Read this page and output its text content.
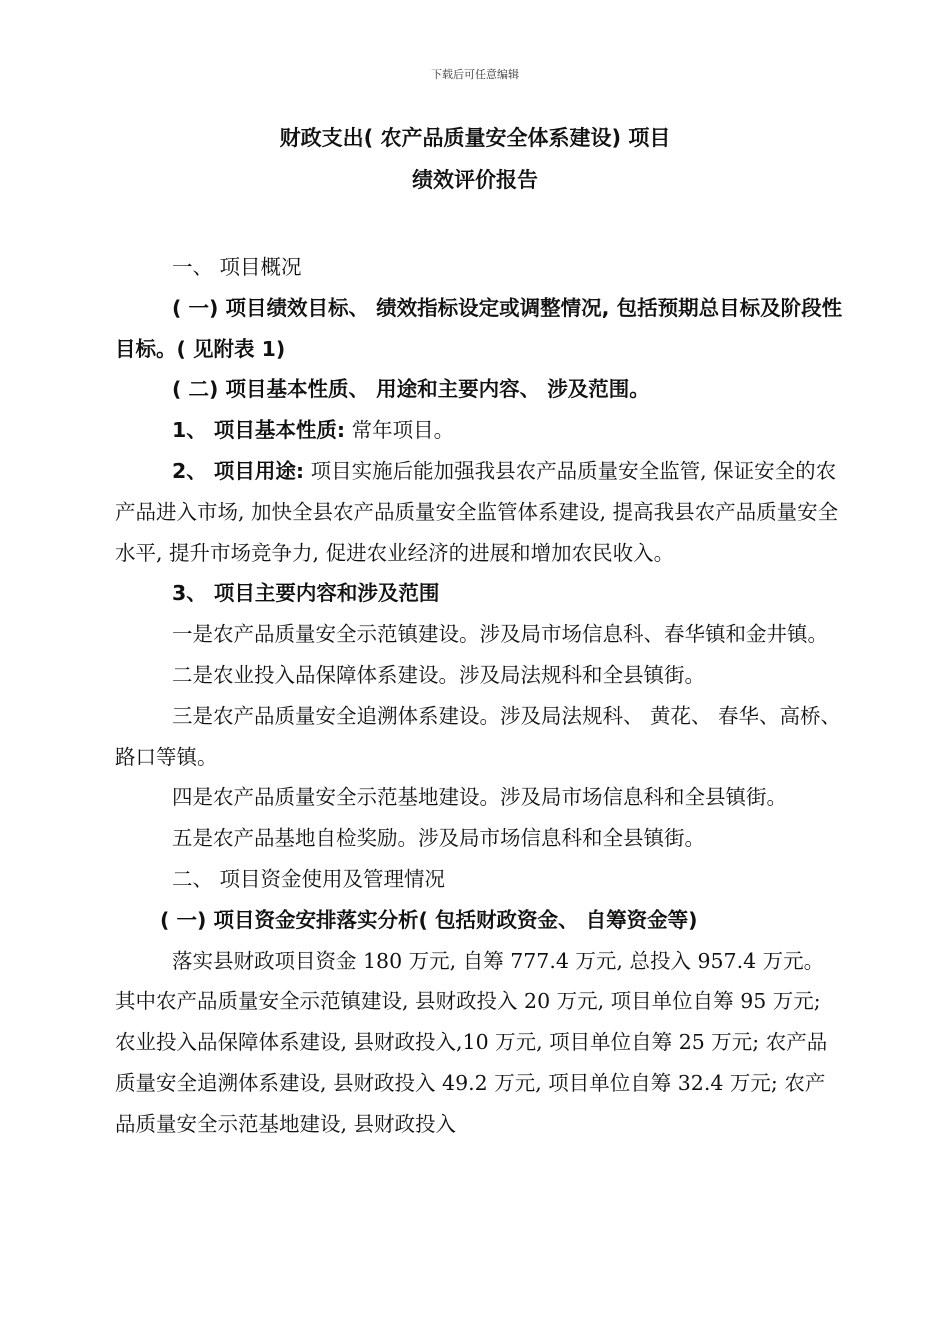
下载后可任意编辑
财政支出( 农产品质量安全体系建设) 项目
绩效评价报告

一、 项目概况

( 一) 项目绩效目标、 绩效指标设定或调整情况, 包括预期总目标及阶段性目标。( 见附表 1)

( 二) 项目基本性质、 用途和主要内容、 涉及范围。

1、 项目基本性质: 常年项目。

2、 项目用途: 项目实施后能加强我县农产品质量安全监管, 保证安全的农产品进入市场, 加快全县农产品质量安全监管体系建设, 提高我县农产品质量安全水平, 提升市场竞争力, 促进农业经济的进展和增加农民收入。

3、 项目主要内容和涉及范围

一是农产品质量安全示范镇建设。涉及局市场信息科、春华镇和金井镇。

二是农业投入品保障体系建设。涉及局法规科和全县镇街。

三是农产品质量安全追溯体系建设。涉及局法规科、 黄花、 春华、高桥、 路口等镇。

四是农产品质量安全示范基地建设。涉及局市场信息科和全县镇街。

五是农产品基地自检奖励。涉及局市场信息科和全县镇街。

二、 项目资金使用及管理情况

( 一) 项目资金安排落实分析( 包括财政资金、 自筹资金等)

落实县财政项目资金 180 万元, 自筹 777.4 万元, 总投入 957.4 万元。其中农产品质量安全示范镇建设, 县财政投入 20 万元, 项目单位自筹 95 万元; 农业投入品保障体系建设, 县财政投入,10 万元, 项目单位自筹 25 万元; 农产品质量安全追溯体系建设, 县财政投入 49.2 万元, 项目单位自筹 32.4 万元; 农产品质量安全示范基地建设, 县财政投入
